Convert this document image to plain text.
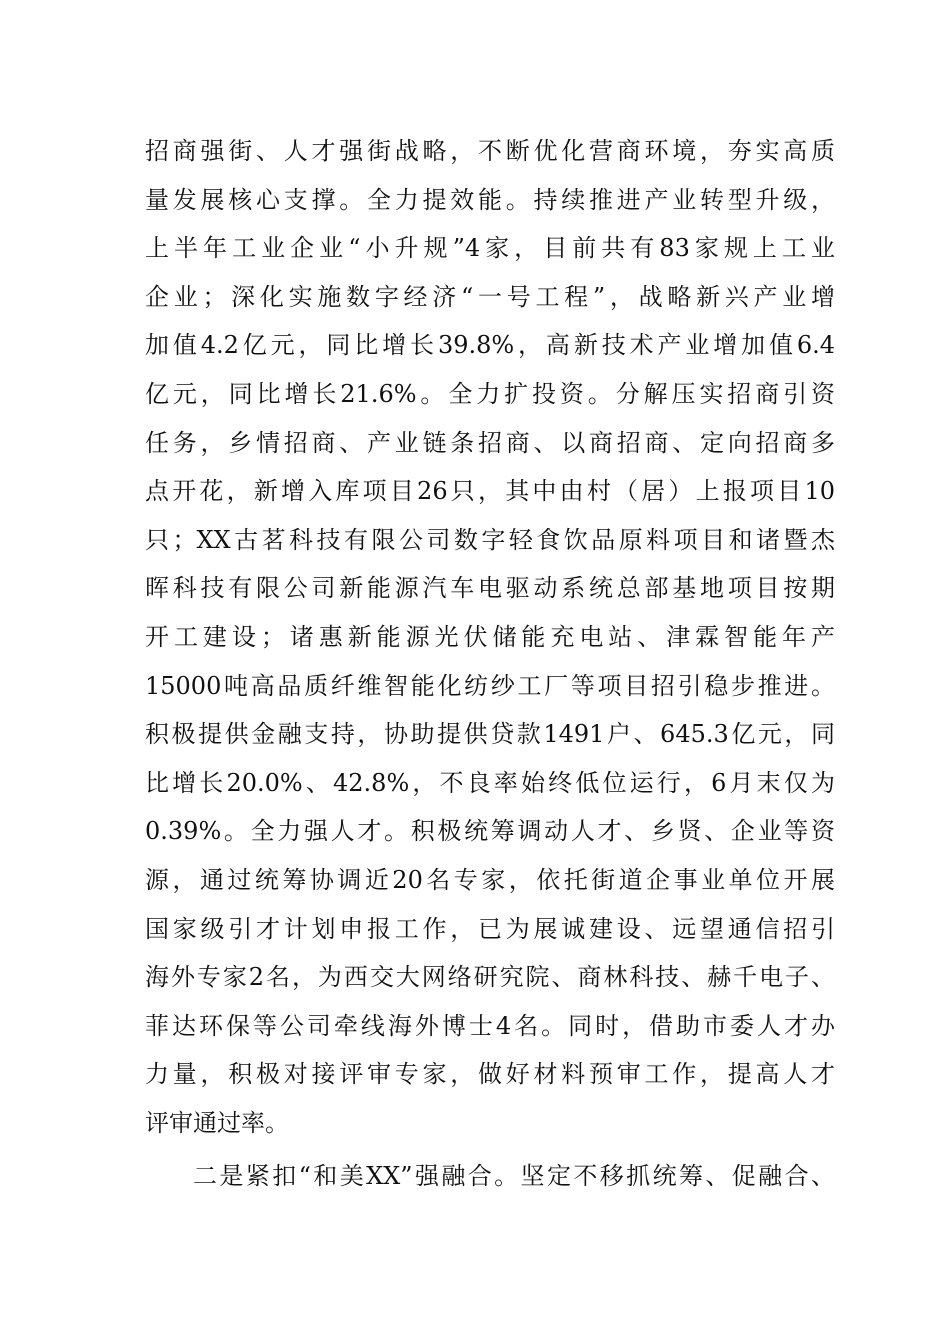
招商强街、人才强街战略，不断优化营商环境，夯实高质
量发展核心支撑。全力提效能。持续推进产业转型升级，
上半年工业企业“小升规”4家，目前共有83家规上工业
企业；深化实施数字经济“一号工程”，战略新兴产业增
加值4.2亿元，同比增长39.8%，高新技术产业增加值6.4
亿元，同比增长21.6%。全力扩投资。分解压实招商引资
任务，乡情招商、产业链条招商、以商招商、定向招商多
点开花，新增入库项目26只，其中由村（居）上报项目10
只；XX古茗科技有限公司数字轻食饮品原料项目和诸暨杰
晖科技有限公司新能源汽车电驱动系统总部基地项目按期
开工建设；诸惠新能源光伏储能充电站、津霖智能年产
15000吨高品质纤维智能化纺纱工厂等项目招引稳步推进。
积极提供金融支持，协助提供贷款1491户、645.3亿元，同
比增长20.0%、42.8%，不良率始终低位运行，6月末仅为
0.39%。全力强人才。积极统筹调动人才、乡贤、企业等资
源，通过统筹协调近20名专家，依托街道企事业单位开展
国家级引才计划申报工作，已为展诚建设、远望通信招引
海外专家2名，为西交大网络研究院、商林科技、赫千电子、
菲达环保等公司牵线海外博士4名。同时，借助市委人才办
力量，积极对接评审专家，做好材料预审工作，提高人才
评审通过率。
二是紧扣“和美XX”强融合。坚定不移抓统筹、促融合、
